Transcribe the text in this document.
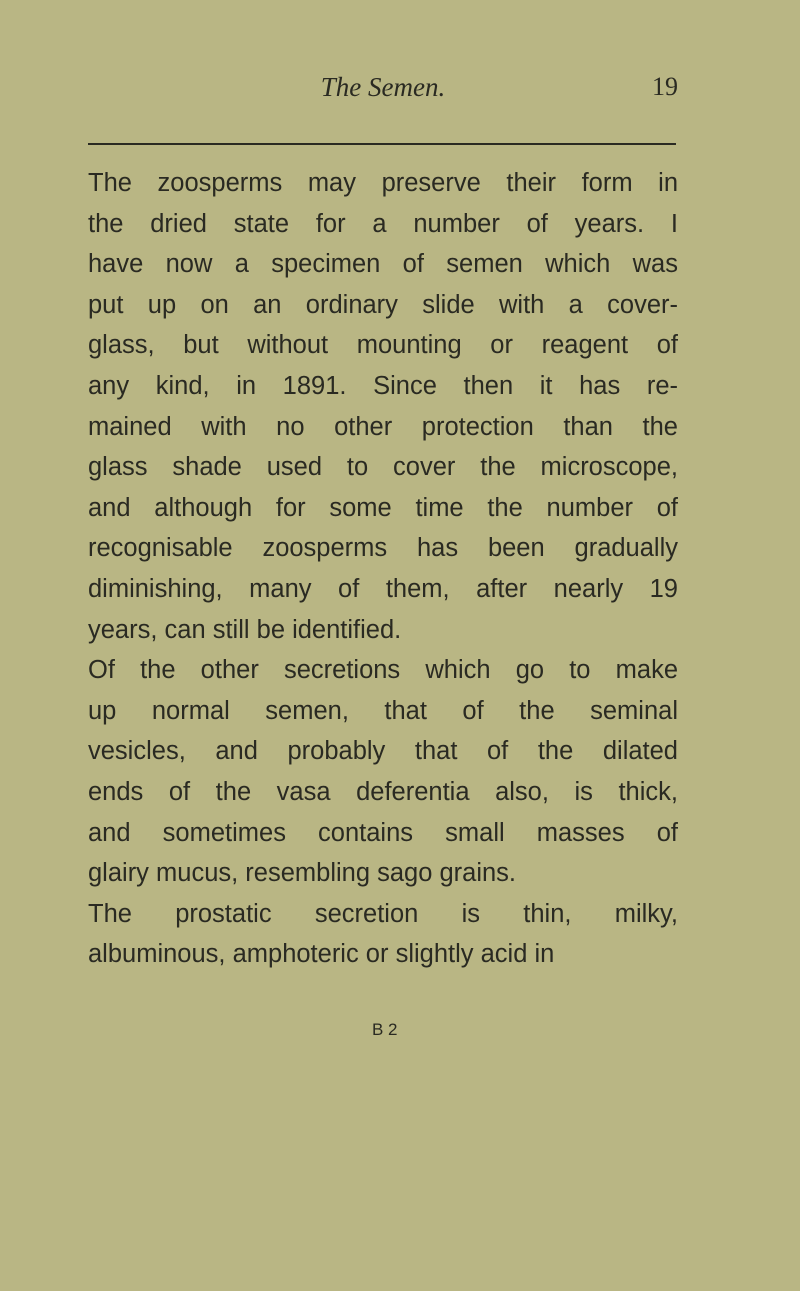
The Semen.	19
The zoosperms may preserve their form in
the dried state for a number of years. I
have now a specimen of semen which was
put up on an ordinary slide with a cover-
glass, but without mounting or reagent of
any kind, in 1891. Since then it has re-
mained with no other protection than the
glass shade used to cover the microscope,
and although for some time the number of
recognisable zoosperms has been gradually
diminishing, many of them, after nearly 19
years, can still be identified.
Of the other secretions which go to make
up normal semen, that of the seminal
vesicles, and probably that of the dilated
ends of the vasa deferentia also, is thick,
and sometimes contains small masses of
glairy mucus, resembling sago grains.
The prostatic secretion is thin, milky,
albuminous, amphoteric or slightly acid in
B 2
